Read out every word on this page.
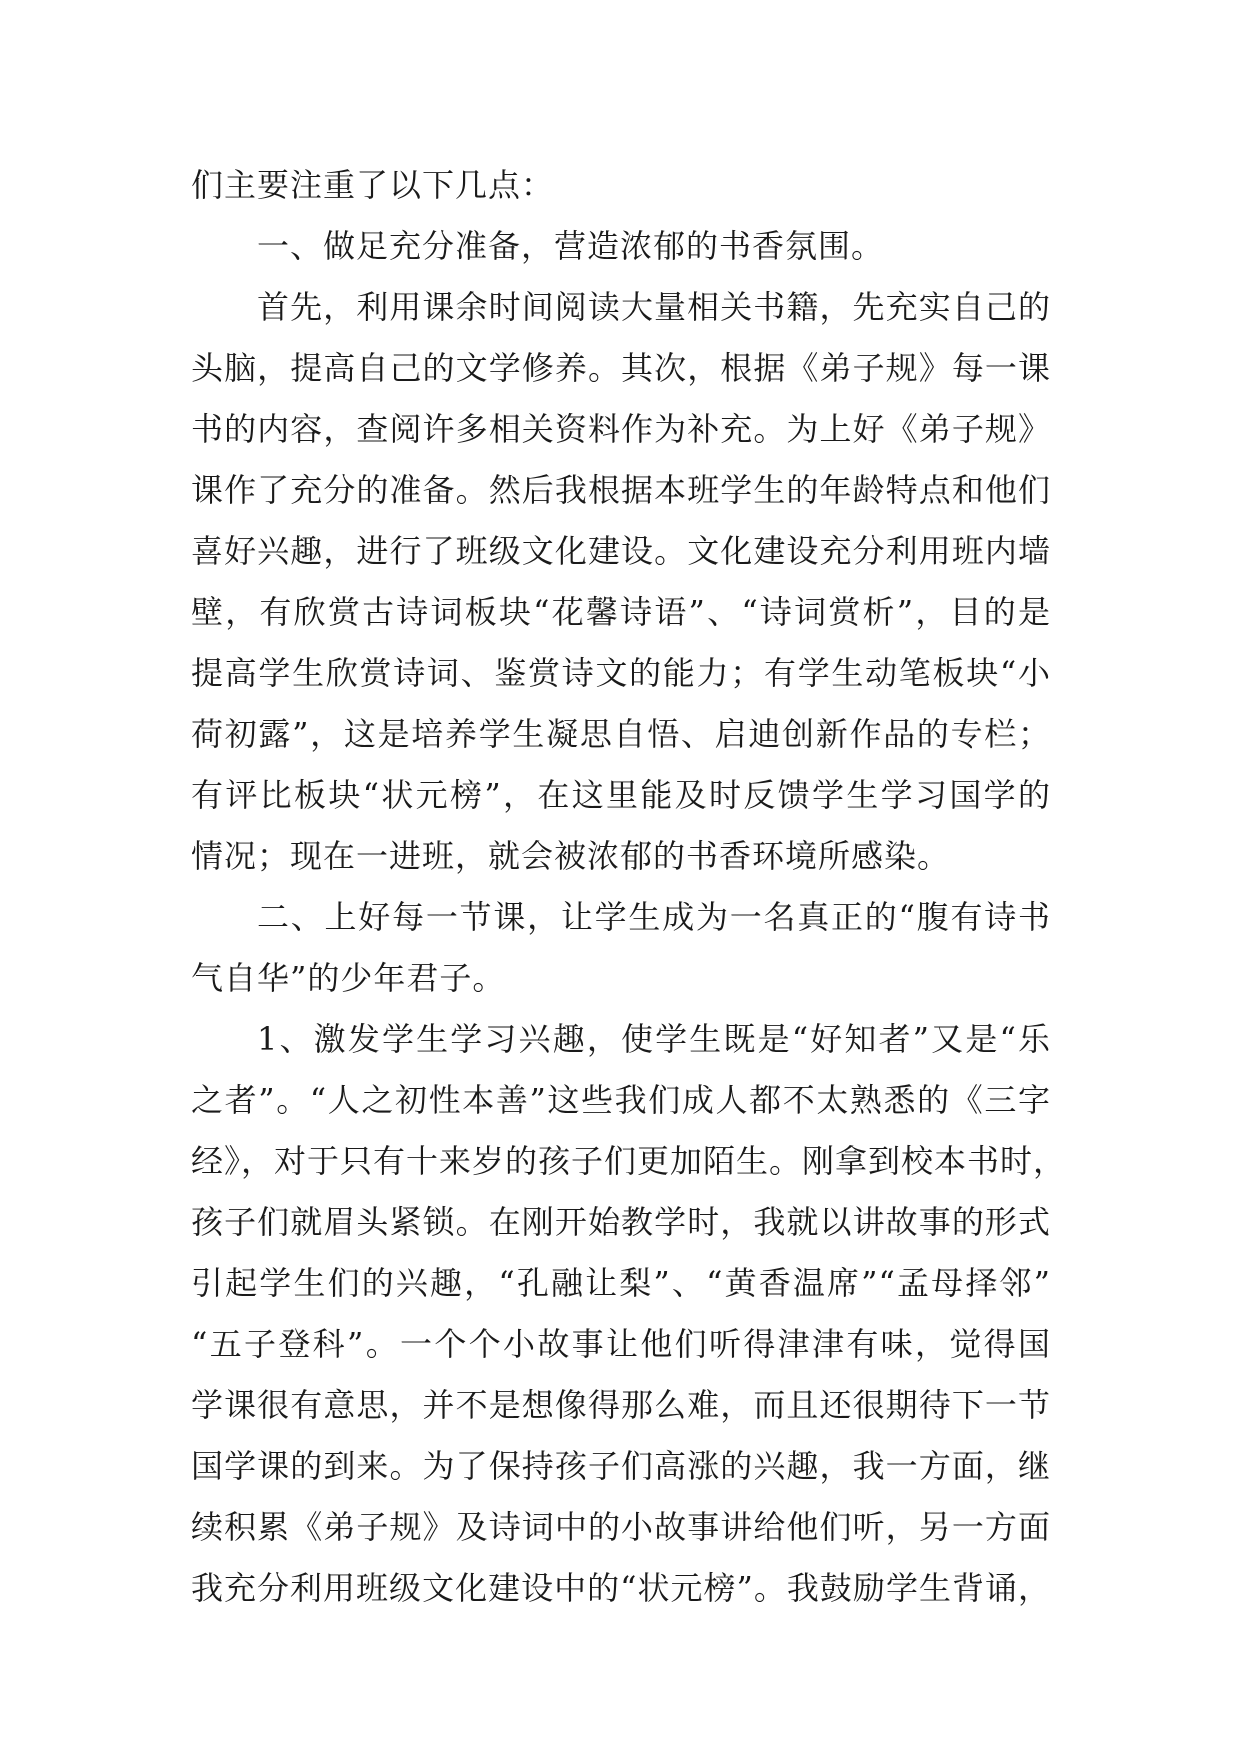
们主要注重了以下几点：
一、做足充分准备，营造浓郁的书香氛围。
首先，利用课余时间阅读大量相关书籍，先充实自己的
头脑，提高自己的文学修养。其次，根据《弟子规》每一课
书的内容，查阅许多相关资料作为补充。为上好《弟子规》
课作了充分的准备。然后我根据本班学生的年龄特点和他们
喜好兴趣，进行了班级文化建设。文化建设充分利用班内墙
壁，有欣赏古诗词板块“花馨诗语”、“诗词赏析”，目的是
提高学生欣赏诗词、鉴赏诗文的能力；有学生动笔板块“小
荷初露”，这是培养学生凝思自悟、启迪创新作品的专栏；
有评比板块“状元榜”，在这里能及时反馈学生学习国学的
情况；现在一进班，就会被浓郁的书香环境所感染。
二、上好每一节课，让学生成为一名真正的“腹有诗书
气自华”的少年君子。
1、激发学生学习兴趣，使学生既是“好知者”又是“乐
之者”。“人之初性本善”这些我们成人都不太熟悉的《三字
经》，对于只有十来岁的孩子们更加陌生。刚拿到校本书时，
孩子们就眉头紧锁。在刚开始教学时，我就以讲故事的形式
引起学生们的兴趣，“孔融让梨”、“黄香温席”“孟母择邻”
“五子登科”。一个个小故事让他们听得津津有味，觉得国
学课很有意思，并不是想像得那么难，而且还很期待下一节
国学课的到来。为了保持孩子们高涨的兴趣，我一方面，继
续积累《弟子规》及诗词中的小故事讲给他们听，另一方面
我充分利用班级文化建设中的“状元榜”。我鼓励学生背诵，
